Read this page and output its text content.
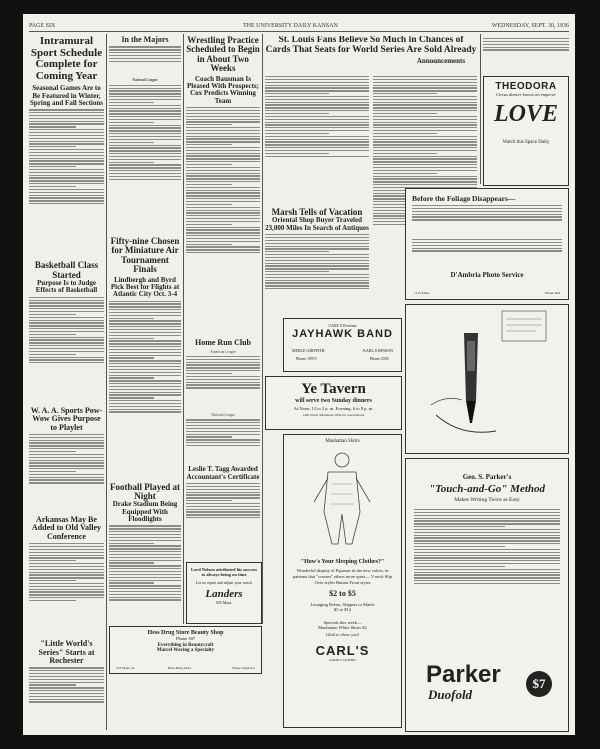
PAGE SIX	THE UNIVERSITY DAILY KANSAN	WEDNESDAY, SEPT. 30, 1936
Intramural Sport Schedule Complete for Coming Year
Seasonal Games Are to Be Featured in Winter, Spring and Fall Sections
Basketball Class Started
Purpose Is to Judge Effects of Basketball
W. A. A. Sports Pow-Wow Gives Purpose to Playlet
Arkansas May Be Added to Old Valley Conference
"Little World's Series" Starts at Rochester
In the Majors
National League
Fifty-nine Chosen for Miniature Air Tournament Finals
Lindbergh and Byrd Pick Best for Flights at Atlantic City Oct. 3-4
Football Played at Night
Drake Stadium Being Equipped With Floodlights
Wrestling Practice Scheduled to Begin in About Two Weeks
Coach Bausman Is Pleased With Prospects; Cox Predicts Winning Team
Home Run Club
American League
National League
Leslie T. Tagg Awarded Accountant's Certificate
Lord Nelson attributed his success to always being on time
Let us repair and adjust your watch
Landers
935 Mass.
Hess Drug Store Beauty Shop
Phone 507
Everything in Beautycraft
Marcel Waving a Specialty
723 Mass. St.	Hess Drug Store	Expert Operator
St. Louis Fans Believe So Much in Chances of Cards That Seats for World Series Are Sold Already
Marsh Tells of Vacation
Oriental Shop Buyer Traveled 23,000 Miles In Search of Antiques
Announcements
THEODORA
Circus dancer knows an emperor
LOVE
Watch this Space Daily
Before the Foliage Disappears—
D'Ambria Photo Service
1115 Mass.	Phone 404
CARL'S Presents
JAYHAWK BAND
MERLE GRIFFITH	KARL JOHNSON
Phone 1997J	Phone 2595
Ye Tavern
will serve two Sunday dinners
At Noon, 12 to 2 p. m. Evening, 6 to 8 p. m.
14th Street Telephone 1832 for reservations
Manhattan Shirts
"How's Your Sleeping Clothes?"
Wonderful display of Pajamas in the new colors, in patterns that "scream" others more quiet— V neck Slip Over styles Button Front styles
$2 to $5
Lounging Robes, Slippers to Match
$5 to $12
Specials this week—
Manhattan White Shirts $2
Glad to show you!
CARL'S
GOOD CLOTHES
Geo. S. Parker's
"Touch-and-Go" Method
Makes Writing Twice as Easy
Parker
Duofold
$7
